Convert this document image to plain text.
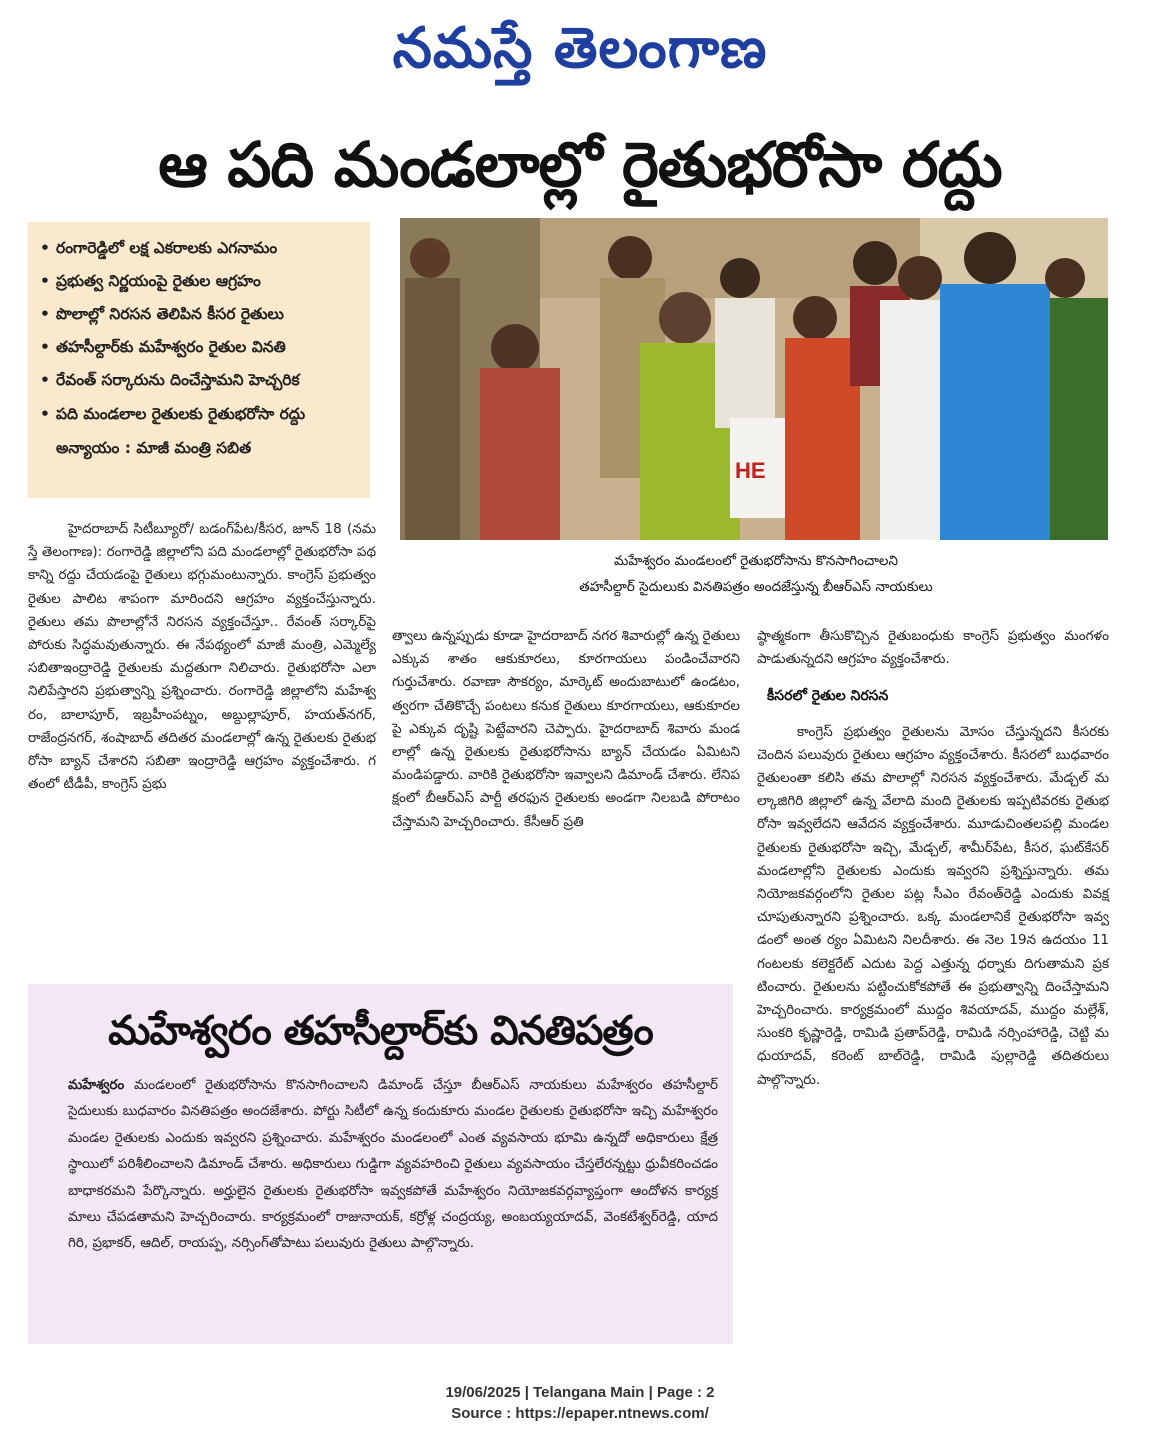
నమస్తే తెలంగాణ
ఆ పది మండలాల్లో రైతుభరోసా రద్దు
• రంగారెడ్డిలో లక్ష ఎకరాలకు ఎగనామం
• ప్రభుత్వ నిర్ణయంపై రైతుల ఆగ్రహం
• పొలాల్లో నిరసన తెలిపిన కీసర రైతులు
• తహసీల్దార్‌కు మహేశ్వరం రైతుల వినతి
• రేవంత్ సర్కారును దించేస్తామని హెచ్చరిక
• పది మండలాల రైతులకు రైతుభరోసా రద్దు అన్యాయం : మాజీ మంత్రి సబిత
HE
మహేశ్వరం మండలంలో రైతుభరోసాను కొనసాగించాలని
తహసీల్దార్ సైదులుకు వినతిపత్రం అందజేస్తున్న బీఆర్‌ఎస్ నాయకులు
హైదరాబాద్ సిటీబ్యూరో/ బడంగ్‌పేట/కీసర, జూన్ 18 (నమస్తే తెలంగాణ): రంగారెడ్డి జిల్లాలోని పది మండలాల్లో రైతుభరోసా పథకాన్ని రద్దు చేయడంపై రైతులు భగ్గుమంటున్నారు. కాంగ్రెస్ ప్రభుత్వం రైతుల పాలిట శాపంగా మారిందని ఆగ్రహం వ్యక్తంచేస్తున్నారు. రైతులు తమ పొలాల్లోనే నిరసన వ్యక్తంచేస్తూ.. రేవంత్ సర్కార్‌పై పోరుకు సిద్ధమవుతున్నారు. ఈ నేపథ్యంలో మాజీ మంత్రి, ఎమ్మెల్యే సబితాఇంద్రారెడ్డి రైతులకు మద్దతుగా నిలిచారు. రైతుభరోసా ఎలా నిలిపేస్తారని ప్రభుత్వాన్ని ప్రశ్నించారు. రంగారెడ్డి జిల్లాలోని మహేశ్వరం, బాలాపూర్, ఇబ్రహీంపట్నం, అబ్దుల్లాపూర్, హయత్‌నగర్, రాజేంద్రనగర్, శంషాబాద్ తదితర మండలాల్లో ఉన్న రైతులకు రైతుభరోసా బ్యాన్ చేశారని సబితా ఇంద్రారెడ్డి ఆగ్రహం వ్యక్తంచేశారు. గతంలో టీడీపీ, కాంగ్రెస్ ప్రభు
త్వాలు ఉన్నప్పుడు కూడా హైదరాబాద్ నగర శివారుల్లో ఉన్న రైతులు ఎక్కువ శాతం ఆకుకూరలు, కూరగాయలు పండించేవారని గుర్తుచేశారు. రవాణా సౌకర్యం, మార్కెట్ అందుబాటులో ఉండటం, త్వరగా చేతికొచ్చే పంటలు కనుక రైతులు కూరగాయలు, ఆకుకూరలపై ఎక్కువ దృష్టి పెట్టేవారని చెప్పారు. హైదరాబాద్ శివారు మండలాల్లో ఉన్న రైతులకు రైతుభరోసాను బ్యాన్ చేయడం ఏమిటని మండిపడ్డారు. వారికి రైతుభరోసా ఇవ్వాలని డిమాండ్ చేశారు. లేనిపక్షంలో బీఆర్‌ఎస్ పార్టీ తరఫున రైతులకు అండగా నిలబడి పోరాటం చేస్తామని హెచ్చరించారు. కేసీఆర్ ప్రతి
ష్ఠాత్మకంగా తీసుకొచ్చిన రైతుబంధుకు కాంగ్రెస్ ప్రభుత్వం మంగళం పాడుతున్నదని ఆగ్రహం వ్యక్తంచేశారు.
కీసరలో రైతుల నిరసన
కాంగ్రెస్ ప్రభుత్వం రైతులను మోసం చేస్తున్నదని కీసరకు చెందిన పలువురు రైతులు ఆగ్రహం వ్యక్తంచేశారు. కీసరలో బుధవారం రైతులంతా కలిసి తమ పొలాల్లో నిరసన వ్యక్తంచేశారు. మేడ్చల్ మల్కాజిగిరి జిల్లాలో ఉన్న వేలాది మంది రైతులకు ఇప్పటివరకు రైతుభరోసా ఇవ్వలేదని ఆవేదన వ్యక్తంచేశారు. మూడుచింతలపల్లి మండల రైతులకు రైతుభరోసా ఇచ్చి, మేడ్చల్, శామీర్‌పేట, కీసర, ఘట్‌కేసర్ మండలాల్లోని రైతులకు ఎందుకు ఇవ్వరని ప్రశ్నిస్తున్నారు. తమ నియోజకవర్గంలోని రైతుల పట్ల సీఎం రేవంత్‌రెడ్డి ఎందుకు వివక్ష చూపుతున్నారని ప్రశ్నించారు. ఒక్క మండలానికే రైతుభరోసా ఇవ్వడంలో అంత ర్యం ఏమిటని నిలదీశారు. ఈ నెల 19న ఉదయం 11 గంటలకు కలెక్టరేట్ ఎదుట పెద్ద ఎత్తున్న ధర్నాకు దిగుతామని ప్రకటించారు. రైతులను పట్టించుకోకపోతే ఈ ప్రభుత్వాన్ని దించేస్తామని హెచ్చరించారు. కార్యక్రమంలో ముద్దం శివయాదవ్, ముద్దం మల్లేశ్, సుంకరి కృష్ణారెడ్డి, రామిడి ప్రతాప్‌రెడ్డి, రామిడి నర్సింహారెడ్డి, చెట్టి మధుయాదవ్, కరెంట్ బాల్‌రెడ్డి, రామిడి పుల్లారెడ్డి తదితరులు పాల్గొన్నారు.
మహేశ్వరం తహసీల్దార్‌కు వినతిపత్రం
మహేశ్వరం మండలంలో రైతుభరోసాను కొనసాగించాలని డిమాండ్ చేస్తూ బీఆర్‌ఎస్ నాయకులు మహేశ్వరం తహసీల్దార్ సైదులుకు బుధవారం వినతిపత్రం అందజేశారు. పోర్టు సిటీలో ఉన్న కందుకూరు మండల రైతులకు రైతుభరోసా ఇచ్చి మహేశ్వరం మండల రైతులకు ఎందుకు ఇవ్వరని ప్రశ్నించారు. మహేశ్వరం మండలంలో ఎంత వ్యవసాయ భూమి ఉన్నదో అధికారులు క్షేత్రస్థాయిలో పరిశీలించాలని డిమాండ్ చేశారు. అధికారులు గుడ్డిగా వ్యవహరించి రైతులు వ్యవసాయం చేస్తలేరన్నట్టు ధ్రువీకరించడం బాధాకరమని పేర్కొన్నారు. అర్హులైన రైతులకు రైతుభరోసా ఇవ్వకపోతే మహేశ్వరం నియోజకవర్గవ్యాప్తంగా ఆందోళన కార్యక్రమాలు చేపడతామని హెచ్చరించారు. కార్యక్రమంలో రాజునాయక్, కర్రోళ్ల చంద్రయ్య, అంబయ్యయాదవ్, వెంకటేశ్వర్‌రెడ్డి, యాదగిరి, ప్రభాకర్, ఆదిల్, రాయప్ప, నర్సింగ్‌తోపాటు పలువురు రైతులు పాల్గొన్నారు.
19/06/2025 | Telangana Main | Page : 2
Source : https://epaper.ntnews.com/
